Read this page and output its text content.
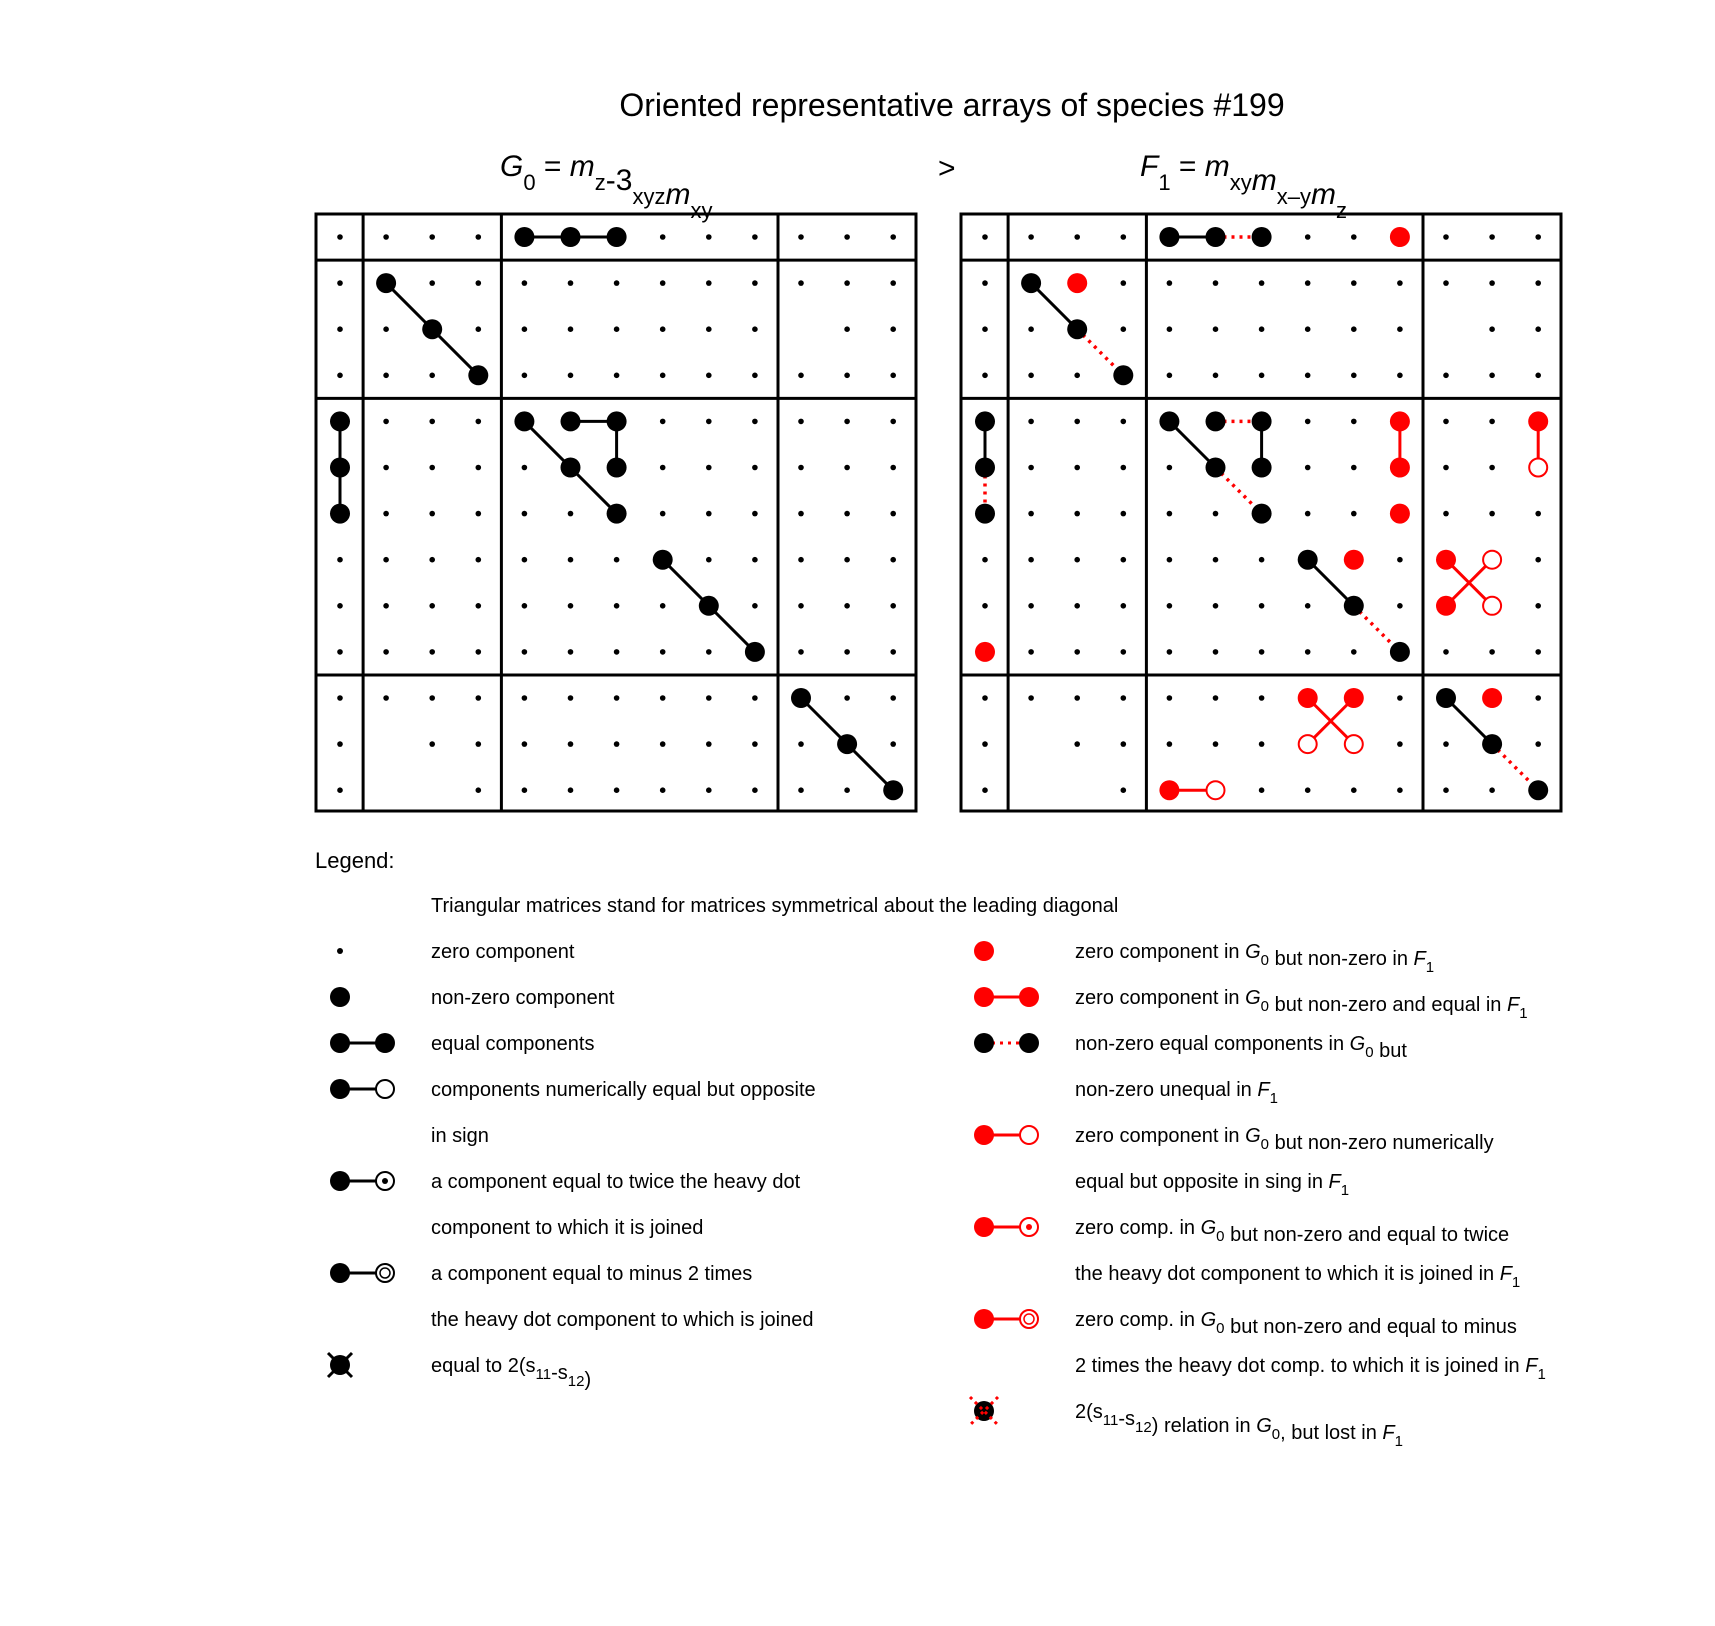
Oriented representative arrays of species #199
$G_0 = m_z-3_{xyz}m_{xy}$
>	$F_1 = m_{xy}m_{x-y}m_z$
Legend:
Triangular matrices stand for matrices symmetrical about the leading diagonal
zero component
non-zero component
equal components
components numerically equal but opposite
in sign
a component equal to twice the heavy dot
component to which it is joined
a component equal to minus 2 times
the heavy dot component to which is joined
equal to $2(s_{11}-s_{12})$
zero component in $G_0$ but non-zero in $F_1$
zero component in $G_0$ but non-zero and equal in $F_1$
non-zero equal components in $G_0$ but
non-zero unequal in $F_1$
zero component in $G_0$ but non-zero numerically
equal but opposite in sing in $F_1$
zero comp. in $G_0$ but non-zero and equal to twice
the heavy dot component to which it is joined in $F_1$
zero comp. in $G_0$ but non-zero and equal to minus
2 times the heavy dot comp. to which it is joined in $F_1$
$2(s_{11}-s_{12})$ relation in $G_0$, but lost in $F_1$
